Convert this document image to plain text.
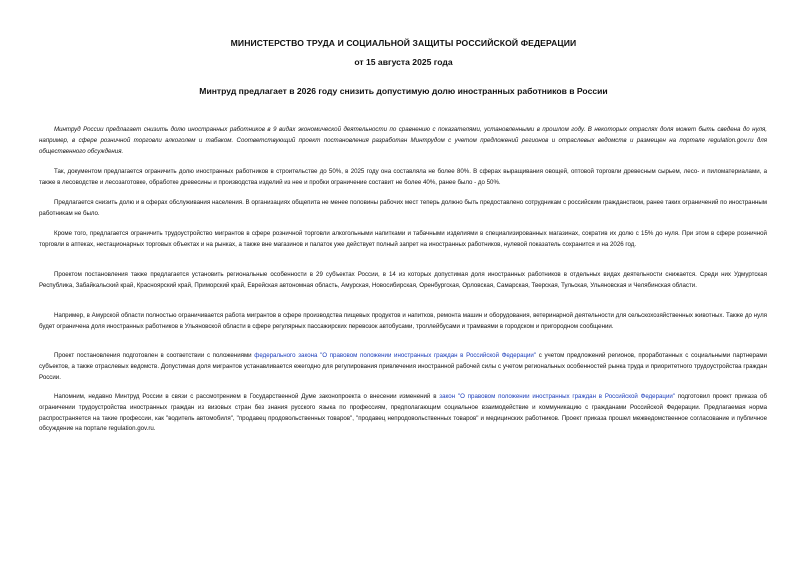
МИНИСТЕРСТВО ТРУДА И СОЦИАЛЬНОЙ ЗАЩИТЫ РОССИЙСКОЙ ФЕДЕРАЦИИ
от 15 августа 2025 года
Минтруд предлагает в 2026 году снизить допустимую долю иностранных работников в России

Минтруд России предлагает снизить долю иностранных работников в 9 видах экономической деятельности по сравнению с показателями, установленными в прошлом году. В некоторых отраслях доля может быть сведена до нуля, например, в сфере розничной торговли алкоголем и табаком. Соответствующий проект постановления разработан Минтрудом с учетом предложений регионов и отраслевых ведомств и размещен на портале regulation.gov.ru для общественного обсуждения.

Так, документом предлагается ограничить долю иностранных работников в строительстве до 50%, в 2025 году она составляла не более 80%. В сферах выращивания овощей, оптовой торговли древесным сырьем, лесо- и пиломатериалами, а также в лесоводстве и лесозаготовке, обработке древесины и производства изделий из нее и пробки ограничение составит не более 40%, ранее было - до 50%.

Предлагается снизить долю и в сферах обслуживания населения. В организациях общепита не менее половины рабочих мест теперь должно быть предоставлено сотрудникам с российским гражданством, ранее таких ограничений по иностранным работникам не было.

Кроме того, предлагается ограничить трудоустройство мигрантов в сфере розничной торговли алкогольными напитками и табачными изделиями в специализированных магазинах, сократив их долю с 15% до нуля. При этом в сфере розничной торговли в аптеках, нестационарных торговых объектах и на рынках, а также вне магазинов и палаток уже действует полный запрет на иностранных работников, нулевой показатель сохранится и на 2026 год.

Проектом постановления также предлагается установить региональные особенности в 29 субъектах России, в 14 из которых допустимая доля иностранных работников в отдельных видах деятельности снижается. Среди них Удмуртская Республика, Забайкальский край, Красноярский край, Приморский край, Еврейская автономная область, Амурская, Новосибирская, Оренбургская, Орловская, Самарская, Тверская, Тульская, Ульяновская и Челябинская области.

Например, в Амурской области полностью ограничивается работа мигрантов в сфере производства пищевых продуктов и напитков, ремонта машин и оборудования, ветеринарной деятельности для сельскохозяйственных животных. Также до нуля будет ограничена доля иностранных работников в Ульяновской области в сфере регулярных пассажирских перевозок автобусами, троллейбусами и трамваями в городском и пригородном сообщении.

Проект постановления подготовлен в соответствии с положениями федерального закона "О правовом положении иностранных граждан в Российской Федерации" с учетом предложений регионов, проработанных с социальными партнерами субъектов, а также отраслевых ведомств. Допустимая доля мигрантов устанавливается ежегодно для регулирования привлечения иностранной рабочей силы с учетом региональных особенностей рынка труда и приоритетного трудоустройства граждан России.

Напомним, недавно Минтруд России в связи с рассмотрением в Государственной Думе законопроекта о внесении изменений в закон "О правовом положении иностранных граждан в Российской Федерации" подготовил проект приказа об ограничении трудоустройства иностранных граждан из визовых стран без знания русского языка по профессиям, предполагающим социальное взаимодействие и коммуникацию с гражданами Российской Федерации. Предлагаемая норма распространяется на такие профессии, как "водитель автомобиля", "продавец продовольственных товаров", "продавец непродовольственных товаров" и медицинских работников. Проект приказа прошел межведомственное согласование и публичное обсуждение на портале regulation.gov.ru.
